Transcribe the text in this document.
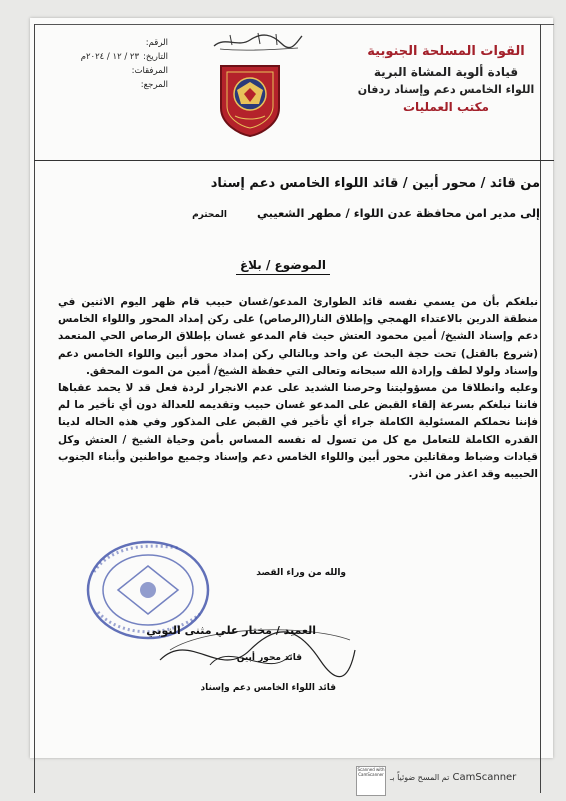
القوات المسلحة الجنوبية
قيادة ألوية المشاة البرية
اللواء الخامس دعم وإسناد ردفان
مكتب العمليات
الرقم:
التاريخ:
٢٣ / ١٢ / ٢٠٢٤م
المرفقات:
المرجع:
من قائد / محور أبين / قائد اللواء الخامس دعم إسناد
إلى مدير امن محافظة عدن اللواء / مطهر الشعيبي المحترم
الموضوع / بلاغ

نبلغكم بأن من يسمي نفسه قائد الطوارئ المدعو/غسان حبيب قام ظهر اليوم الاثنين في منطقة الدرين بالاعتداء الهمجي وإطلاق النار(الرصاص) على ركن إمداد المحور واللواء الخامس دعم وإسناد الشيخ/ أمين محمود العتش حيث قام المدعو غسان بإطلاق الرصاص الحي المتعمد (شروع بالقتل) تحت حجة البحث عن واحد وبالتالي ركن إمداد محور أبين واللواء الخامس دعم وإسناد ولولا لطف وإرادة الله سبحانه وتعالى التي حفظة الشيخ/ أمين من الموت المحقق.

وعليه وانطلاقا من مسؤوليتنا وحرصنا الشديد على عدم الانجرار لردة فعل قد لا يحمد عقباها فاننا نبلغكم بسرعة إلقاء القبض على المدعو غسان حبيب وتقديمه للعدالة دون أي تأخير ما لم فإننا نحملكم المسئولية الكاملة جراء أي تأخير في القبض على المذكور وفي هذه الحاله لدينا القدره الكاملة للتعامل مع كل من تسول له نفسه المساس بأمن وحياة الشيخ / العتش وكل قيادات وضباط ومقاتلين محور أبين واللواء الخامس دعم وإسناد وجميع مواطنين وأبناء الجنوب الحبيبه وقد اعذر من انذر.

والله من وراء القصد
العميد / مختار علي مثنى النوبي
قائد محور أبين
قائد اللواء الخامس دعم وإسناد
Scanned with CamScanner تم المسح ضوئياً بـ CamScanner
